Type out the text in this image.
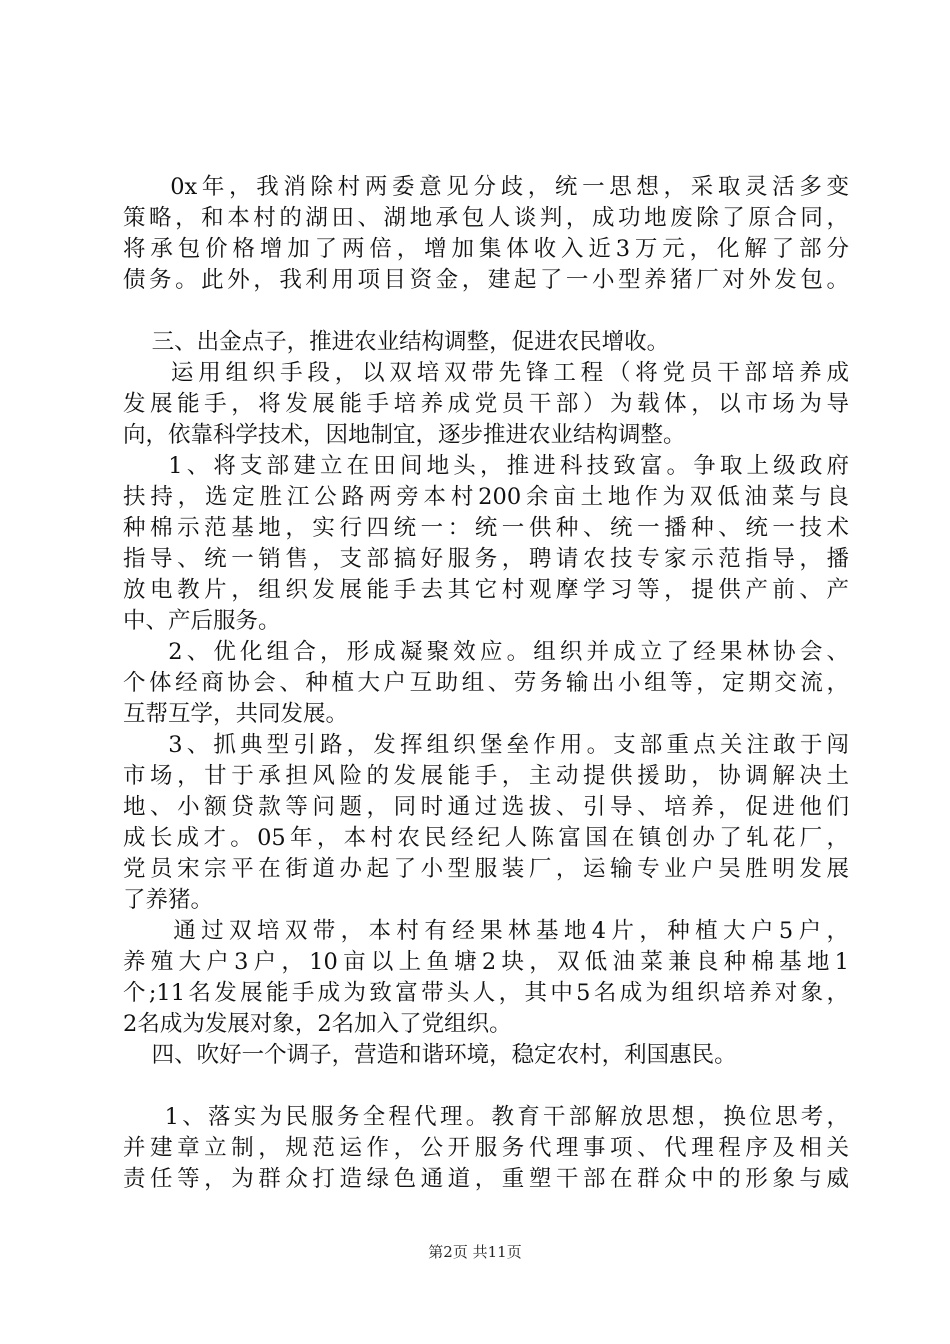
0x年，我消除村两委意见分歧，统一思想，采取灵活多变
策略，和本村的湖田、湖地承包人谈判，成功地废除了原合同，
将承包价格增加了两倍，增加集体收入近3万元，化解了部分
债务。此外，我利用项目资金，建起了一小型养猪厂对外发包。
三、出金点子，推进农业结构调整，促进农民增收。
运用组织手段，以双培双带先锋工程（将党员干部培养成
发展能手，将发展能手培养成党员干部）为载体，以市场为导
向，依靠科学技术，因地制宜，逐步推进农业结构调整。
1、将支部建立在田间地头，推进科技致富。争取上级政府
扶持，选定胜江公路两旁本村200余亩土地作为双低油菜与良
种棉示范基地，实行四统一：统一供种、统一播种、统一技术
指导、统一销售，支部搞好服务，聘请农技专家示范指导，播
放电教片，组织发展能手去其它村观摩学习等，提供产前、产
中、产后服务。
2、优化组合，形成凝聚效应。组织并成立了经果林协会、
个体经商协会、种植大户互助组、劳务输出小组等，定期交流，
互帮互学，共同发展。
3、抓典型引路，发挥组织堡垒作用。支部重点关注敢于闯
市场，甘于承担风险的发展能手，主动提供援助，协调解决土
地、小额贷款等问题，同时通过选拔、引导、培养，促进他们
成长成才。05年，本村农民经纪人陈富国在镇创办了轧花厂，
党员宋宗平在街道办起了小型服装厂，运输专业户吴胜明发展
了养猪。
通过双培双带，本村有经果林基地4片，种植大户5户，
养殖大户3户，10亩以上鱼塘2块，双低油菜兼良种棉基地1
个;11名发展能手成为致富带头人，其中5名成为组织培养对象，
2名成为发展对象，2名加入了党组织。
四、吹好一个调子，营造和谐环境，稳定农村，利国惠民。
1、落实为民服务全程代理。教育干部解放思想，换位思考，
并建章立制，规范运作，公开服务代理事项、代理程序及相关
责任等，为群众打造绿色通道，重塑干部在群众中的形象与威
第2页 共11页
